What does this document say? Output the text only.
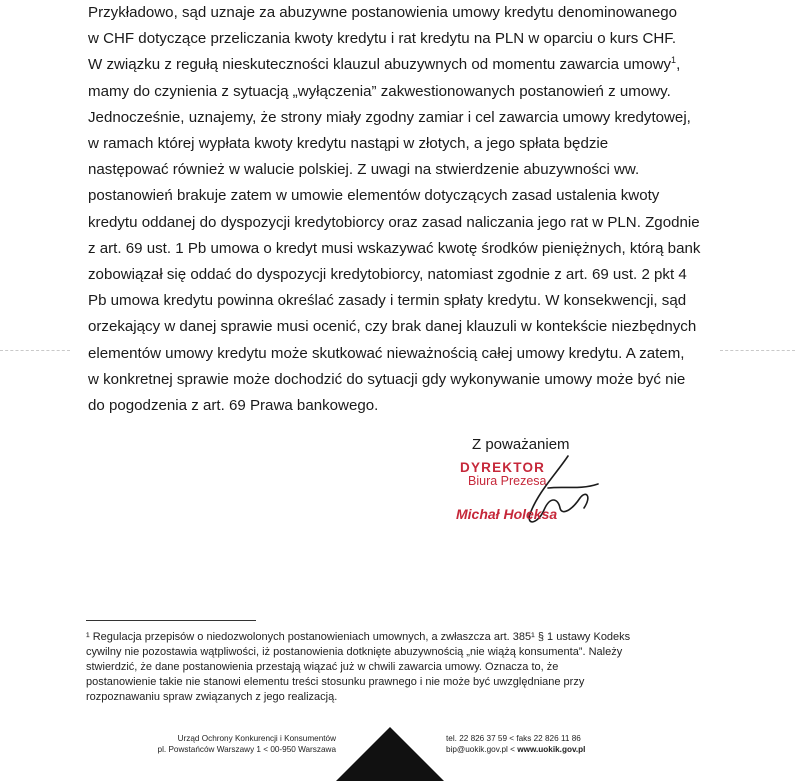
Przykładowo, sąd uznaje za abuzywne postanowienia umowy kredytu denominowanego

w CHF dotyczące przeliczania kwoty kredytu i rat kredytu na PLN w oparciu o kurs CHF.

W związku z regułą nieskuteczności klauzul abuzywnych od momentu zawarcia umowy$^1$,

mamy do czynienia z sytuacją „wyłączenia” zakwestionowanych postanowień z umowy.

Jednocześnie, uznajemy, że strony miały zgodny zamiar i cel zawarcia umowy kredytowej,

w ramach której wypłata kwoty kredytu nastąpi w złotych, a jego spłata będzie

następować również w walucie polskiej. Z uwagi na stwierdzenie abuzywności ww.

postanowień brakuje zatem w umowie elementów dotyczących zasad ustalenia kwoty

kredytu oddanej do dyspozycji kredytobiorcy oraz zasad naliczania jego rat w PLN. Zgodnie

z art. 69 ust. 1 Pb umowa o kredyt musi wskazywać kwotę środków pieniężnych, którą bank

zobowiązał się oddać do dyspozycji kredytobiorcy, natomiast zgodnie z art. 69 ust. 2 pkt 4

Pb umowa kredytu powinna określać zasady i termin spłaty kredytu. W konsekwencji, sąd

orzekający w danej sprawie musi ocenić, czy brak danej klauzuli w kontekście niezbędnych

elementów umowy kredytu może skutkować nieważnością całej umowy kredytu. A zatem,

w konkretnej sprawie może dochodzić do sytuacji gdy wykonywanie umowy może być nie

do pogodzenia z art. 69 Prawa bankowego.

Z poważaniem
DYREKTOR
Biura Prezesa
Michał Holeksa

¹ Regulacja przepisów o niedozwolonych postanowieniach umownych, a zwłaszcza art. 385¹ § 1 ustawy Kodeks

cywilny nie pozostawia wątpliwości, iż postanowienia dotknięte abuzywnością „nie wiążą konsumenta”. Należy

stwierdzić, że dane postanowienia przestają wiązać już w chwili zawarcia umowy. Oznacza to, że

postanowienie takie nie stanowi elementu treści stosunku prawnego i nie może być uwzględniane przy

rozpoznawaniu spraw związanych z jego realizacją.

Urząd Ochrony Konkurencji i Konsumentów
pl. Powstańców Warszawy 1 < 00-950 Warszawa
tel. 22 826 37 59 < faks 22 826 11 86
bip@uokik.gov.pl < www.uokik.gov.pl
